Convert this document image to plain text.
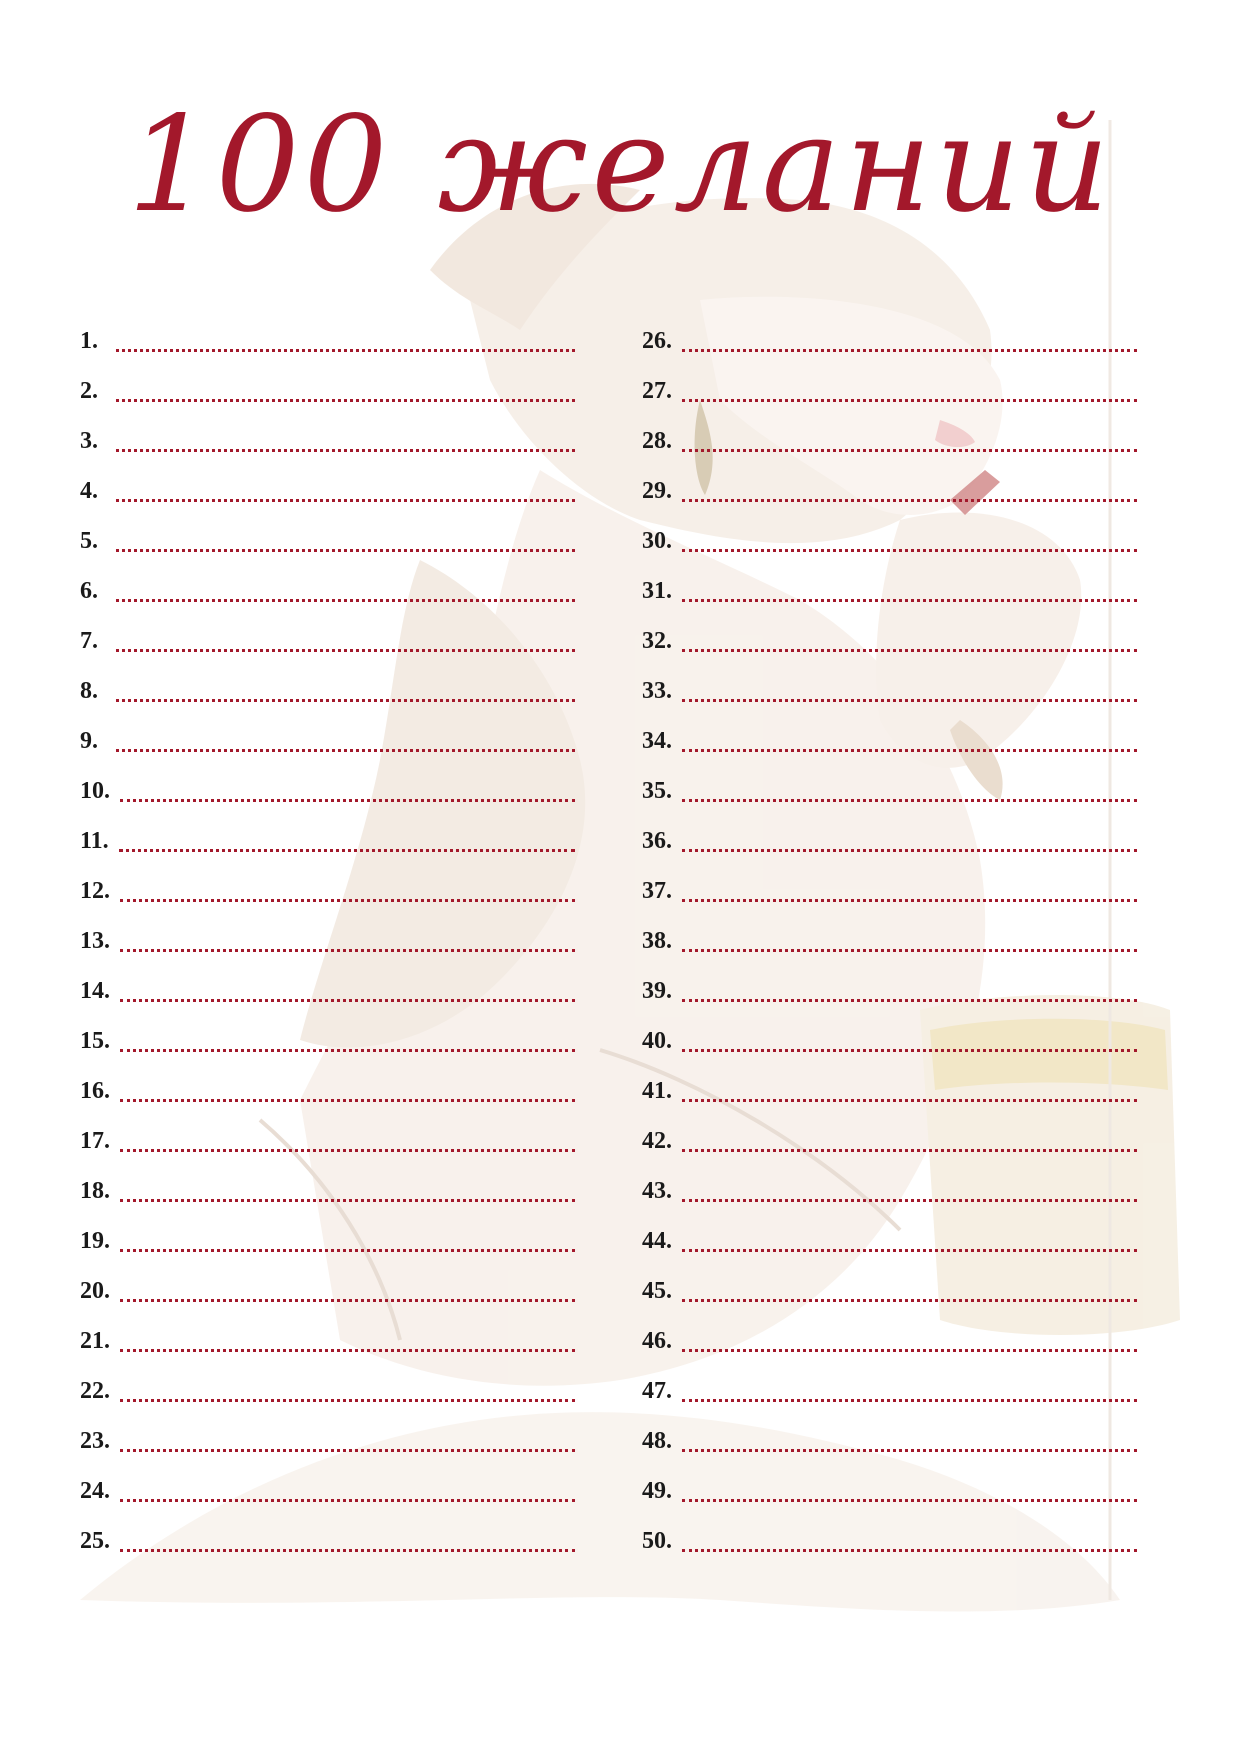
100 желаний
1.
2.
3.
4.
5.
6.
7.
8.
9.
10.
11.
12.
13.
14.
15.
16.
17.
18.
19.
20.
21.
22.
23.
24.
25.
26.
27.
28.
29.
30.
31.
32.
33.
34.
35.
36.
37.
38.
39.
40.
41.
42.
43.
44.
45.
46.
47.
48.
49.
50.
